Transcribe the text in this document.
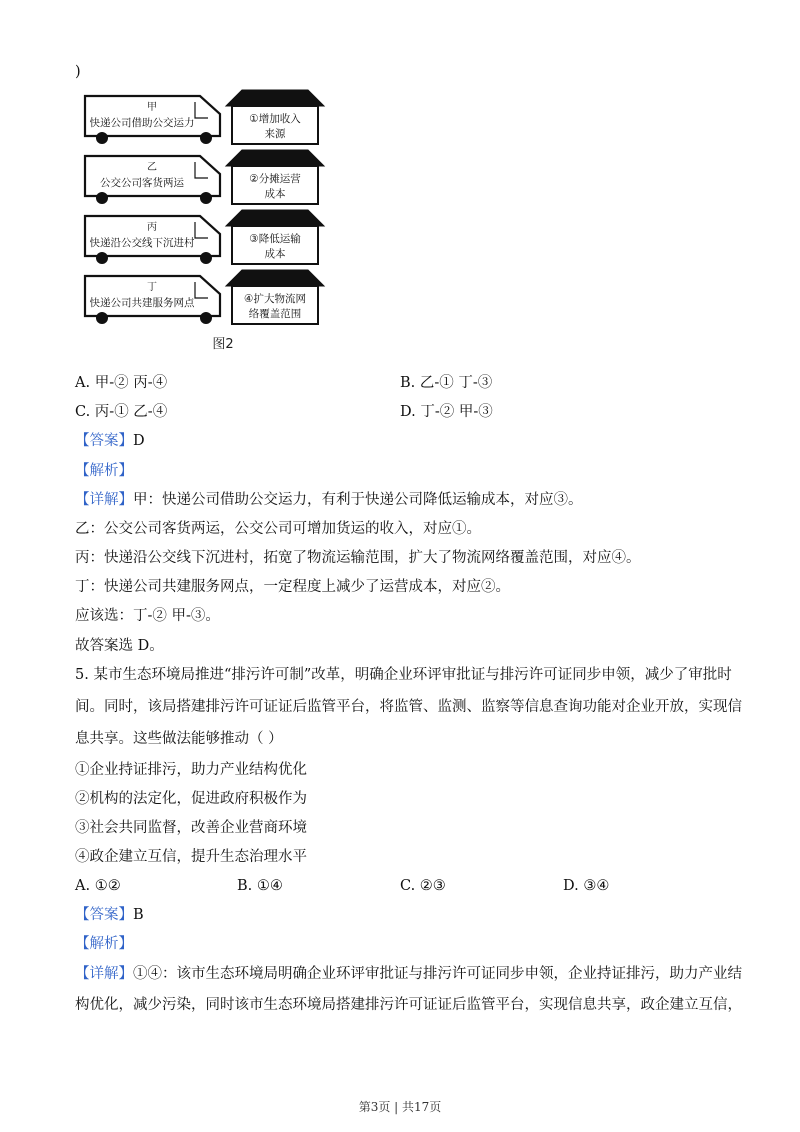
)
甲
快递公司借助公交运力
乙
公交公司客货两运
丙
快递沿公交线下沉进村
丁
快递公司共建服务网点
①增加收入
来源
②分摊运营
成本
③降低运输
成本
④扩大物流网
络覆盖范围
图2
A. 甲-② 丙-④	B. 乙-① 丁-③
C. 丙-① 乙-④	D. 丁-② 甲-③
【答案】D
【解析】
【详解】甲：快递公司借助公交运力，有利于快递公司降低运输成本，对应③。
乙：公交公司客货两运，公交公司可增加货运的收入，对应①。
丙：快递沿公交线下沉进村，拓宽了物流运输范围，扩大了物流网络覆盖范围，对应④。
丁：快递公司共建服务网点，一定程度上减少了运营成本，对应②。
应该选：丁-② 甲-③。
故答案选 D。
5. 某市生态环境局推进“排污许可制”改革，明确企业环评审批证与排污许可证同步申领，减少了审批时
间。同时，该局搭建排污许可证证后监管平台，将监管、监测、监察等信息查询功能对企业开放，实现信
息共享。这些做法能够推动（ ）
①企业持证排污，助力产业结构优化
②机构的法定化，促进政府积极作为
③社会共同监督，改善企业营商环境
④政企建立互信，提升生态治理水平
A. ①②	B. ①④	C. ②③	D. ③④
【答案】B
【解析】
【详解】①④：该市生态环境局明确企业环评审批证与排污许可证同步申领，企业持证排污，助力产业结
构优化，减少污染，同时该市生态环境局搭建排污许可证证后监管平台，实现信息共享，政企建立互信，
第3页 | 共17页
